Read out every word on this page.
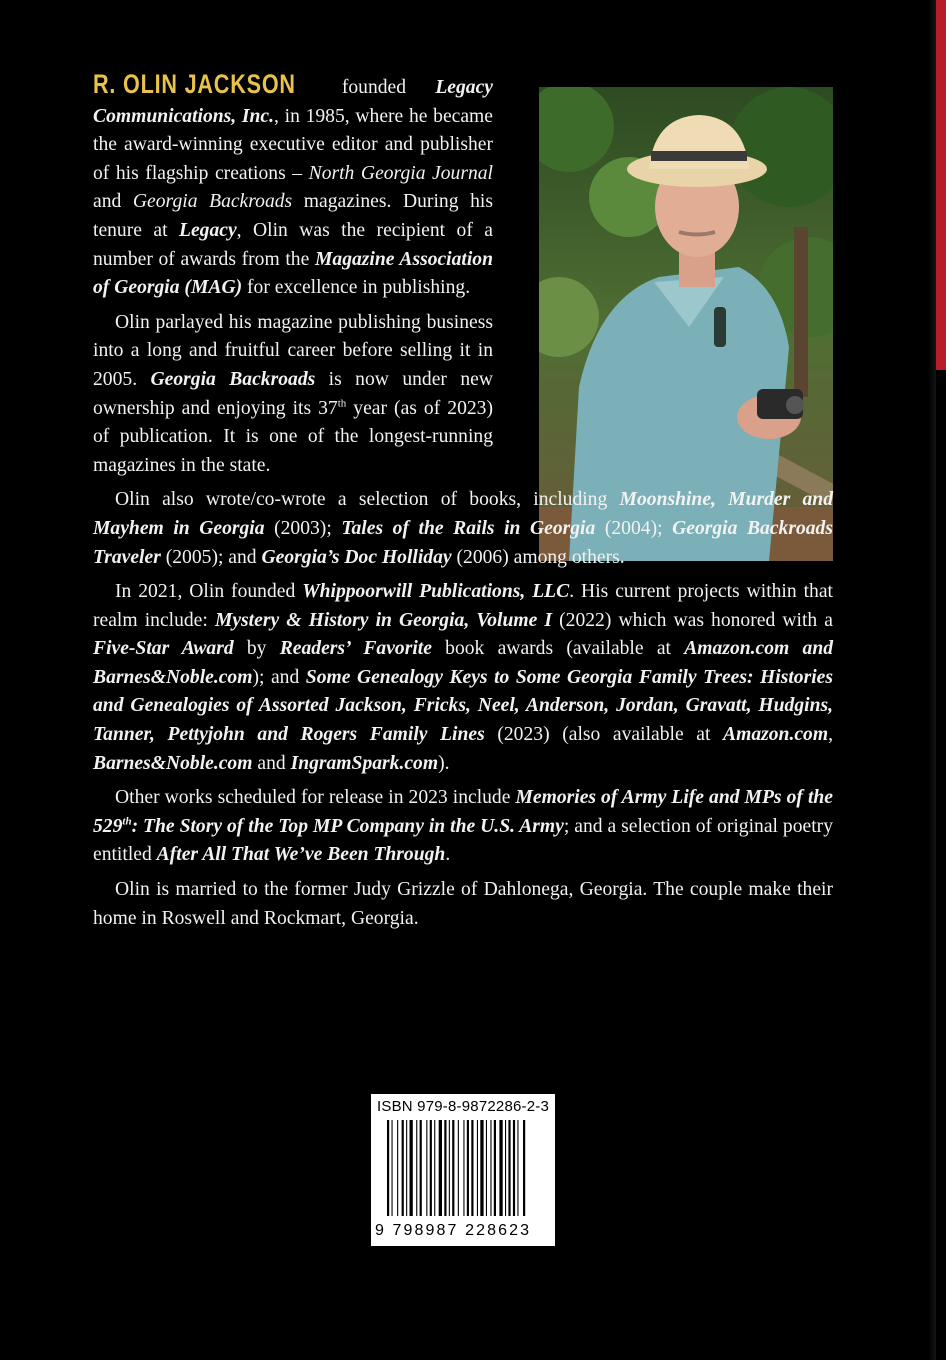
R. OLIN JACKSON founded Legacy Communications, Inc., in 1985, where he became the award-winning executive editor and publisher of his flagship creations – North Georgia Journal and Georgia Backroads magazines. During his tenure at Legacy, Olin was the recipient of a number of awards from the Magazine Association of Georgia (MAG) for excellence in publishing.

Olin parlayed his magazine publishing business into a long and fruitful career before selling it in 2005. Georgia Backroads is now under new ownership and enjoying its 37th year (as of 2023) of publication. It is one of the longest-running magazines in the state.

Olin also wrote/co-wrote a selection of books, including Moonshine, Murder and Mayhem in Georgia (2003); Tales of the Rails in Georgia (2004); Georgia Backroads Traveler (2005); and Georgia’s Doc Holliday (2006) among others.

In 2021, Olin founded Whippoorwill Publications, LLC. His current projects within that realm include: Mystery & History in Georgia, Volume I (2022) which was honored with a Five-Star Award by Readers’ Favorite book awards (available at Amazon.com and Barnes&Noble.com); and Some Genealogy Keys to Some Georgia Family Trees: Histories and Genealogies of Assorted Jackson, Fricks, Neel, Anderson, Jordan, Gravatt, Hudgins, Tanner, Pettyjohn and Rogers Family Lines (2023) (also available at Amazon.com, Barnes&Noble.com and IngramSpark.com).

Other works scheduled for release in 2023 include Memories of Army Life and MPs of the 529th: The Story of the Top MP Company in the U.S. Army; and a selection of original poetry entitled After All That We’ve Been Through.

Olin is married to the former Judy Grizzle of Dahlonega, Georgia. The couple make their home in Roswell and Rockmart, Georgia.

ISBN 979-8-9872286-2-3
9 798987 228623
